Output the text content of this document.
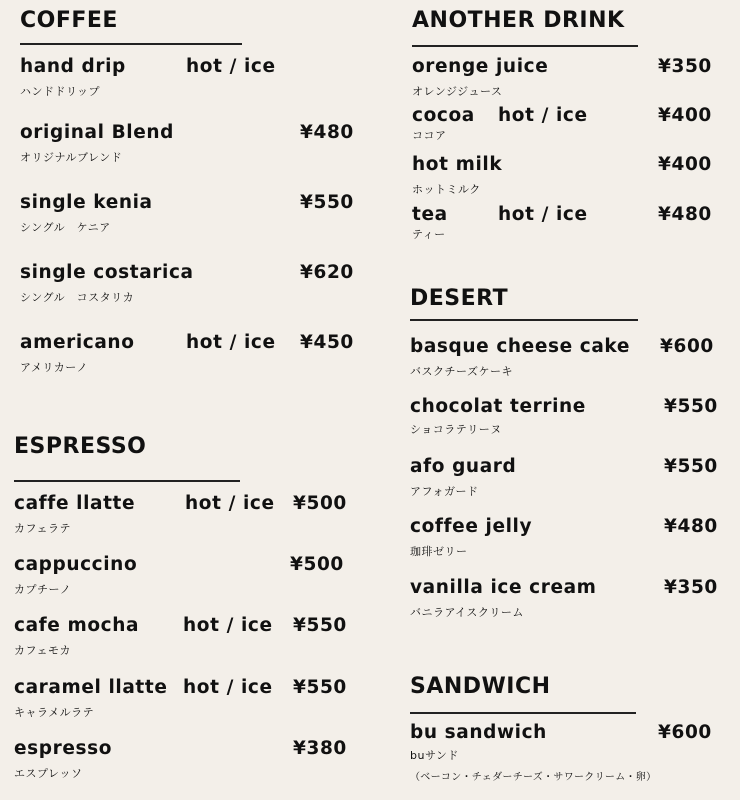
COFFEE
hand drip	hot / ice
ハンドドリップ
original Blend	¥480
オリジナルブレンド
single kenia	¥550
シングル　ケニア
single costarica	¥620
シングル　コスタリカ
americano	hot / ice ¥450
アメリカーノ
ESPRESSO
caffe llatte	hot / ice ¥500
カフェラテ
cappuccino	¥500
カプチーノ
cafe mocha hot / ice ¥550
カフェモカ
caramel llatte hot / ice ¥550
キャラメルラテ
espresso	¥380
エスプレッソ
ANOTHER DRINK
orenge juice	¥350
オレンジジュース
cocoa hot / ice	¥400
ココア
hot milk	¥400
ホットミルク
tea	hot / ice	¥480
ティー
DESERT
basque cheese cake ¥600
バスクチーズケーキ
chocolat terrine	¥550
ショコラテリーヌ
afo guard	¥550
アフォガード
coffee jelly	¥480
珈琲ゼリー
vanilla ice cream	¥350
バニラアイスクリーム
SANDWICH
bu sandwich	¥600
buサンド
（ベーコン・チェダーチーズ・サワークリーム・卵）
